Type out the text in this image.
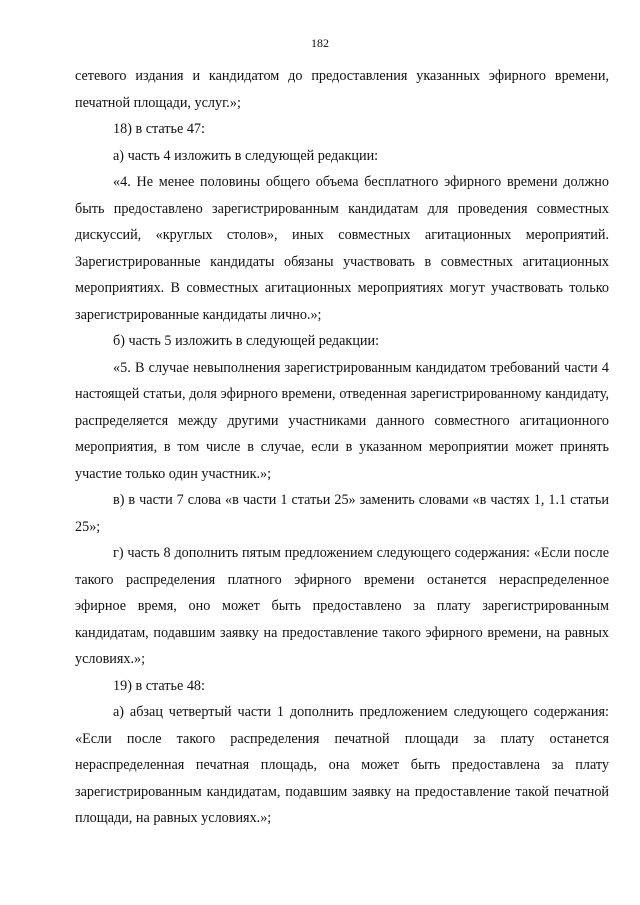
182

сетевого издания и кандидатом до предоставления указанных эфирного времени, печатной площади, услуг.»;

18) в статье 47:

а) часть 4 изложить в следующей редакции:

«4. Не менее половины общего объема бесплатного эфирного времени должно быть предоставлено зарегистрированным кандидатам для проведения совместных дискуссий, «круглых столов», иных совместных агитационных мероприятий. Зарегистрированные кандидаты обязаны участвовать в совместных агитационных мероприятиях. В совместных агитационных мероприятиях могут участвовать только зарегистрированные кандидаты лично.»;

б) часть 5 изложить в следующей редакции:

«5. В случае невыполнения зарегистрированным кандидатом требований части 4 настоящей статьи, доля эфирного времени, отведенная зарегистрированному кандидату, распределяется между другими участниками данного совместного агитационного мероприятия, в том числе в случае, если в указанном мероприятии может принять участие только один участник.»;

в) в части 7 слова «в части 1 статьи 25» заменить словами «в частях 1, 1.1 статьи 25»;

г) часть 8 дополнить пятым предложением следующего содержания: «Если после такого распределения платного эфирного времени останется нераспределенное эфирное время, оно может быть предоставлено за плату зарегистрированным кандидатам, подавшим заявку на предоставление такого эфирного времени, на равных условиях.»;

19) в статье 48:

а) абзац четвертый части 1 дополнить предложением следующего содержания: «Если после такого распределения печатной площади за плату останется нераспределенная печатная площадь, она может быть предоставлена за плату зарегистрированным кандидатам, подавшим заявку на предоставление такой печатной площади, на равных условиях.»;
